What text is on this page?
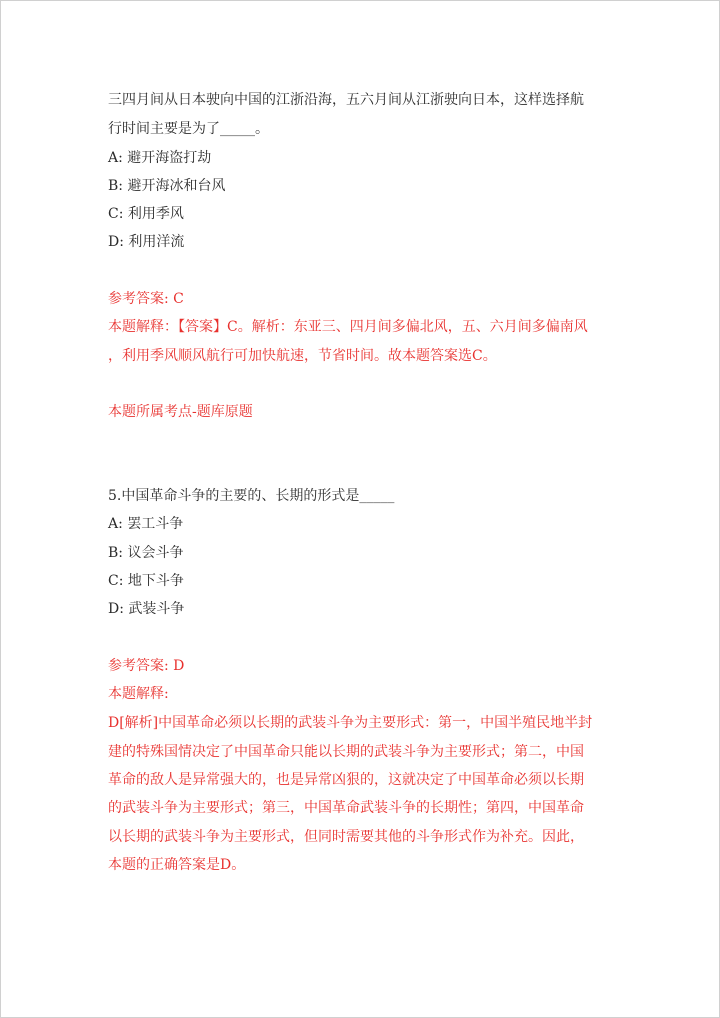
三四月间从日本驶向中国的江浙沿海，五六月间从江浙驶向日本，这样选择航
行时间主要是为了_____。
A: 避开海盗打劫
B: 避开海冰和台风
C: 利用季风
D: 利用洋流
参考答案: C
本题解释：【答案】C。解析：东亚三、四月间多偏北风，五、六月间多偏南风
，利用季风顺风航行可加快航速，节省时间。故本题答案选C。
本题所属考点-题库原题
5.中国革命斗争的主要的、长期的形式是_____
A: 罢工斗争
B: 议会斗争
C: 地下斗争
D: 武装斗争
参考答案: D
本题解释:
D[解析]中国革命必须以长期的武装斗争为主要形式：第一，中国半殖民地半封
建的特殊国情决定了中国革命只能以长期的武装斗争为主要形式；第二，中国
革命的敌人是异常强大的，也是异常凶狠的，这就决定了中国革命必须以长期
的武装斗争为主要形式；第三，中国革命武装斗争的长期性；第四，中国革命
以长期的武装斗争为主要形式，但同时需要其他的斗争形式作为补充。因此，
本题的正确答案是D。
